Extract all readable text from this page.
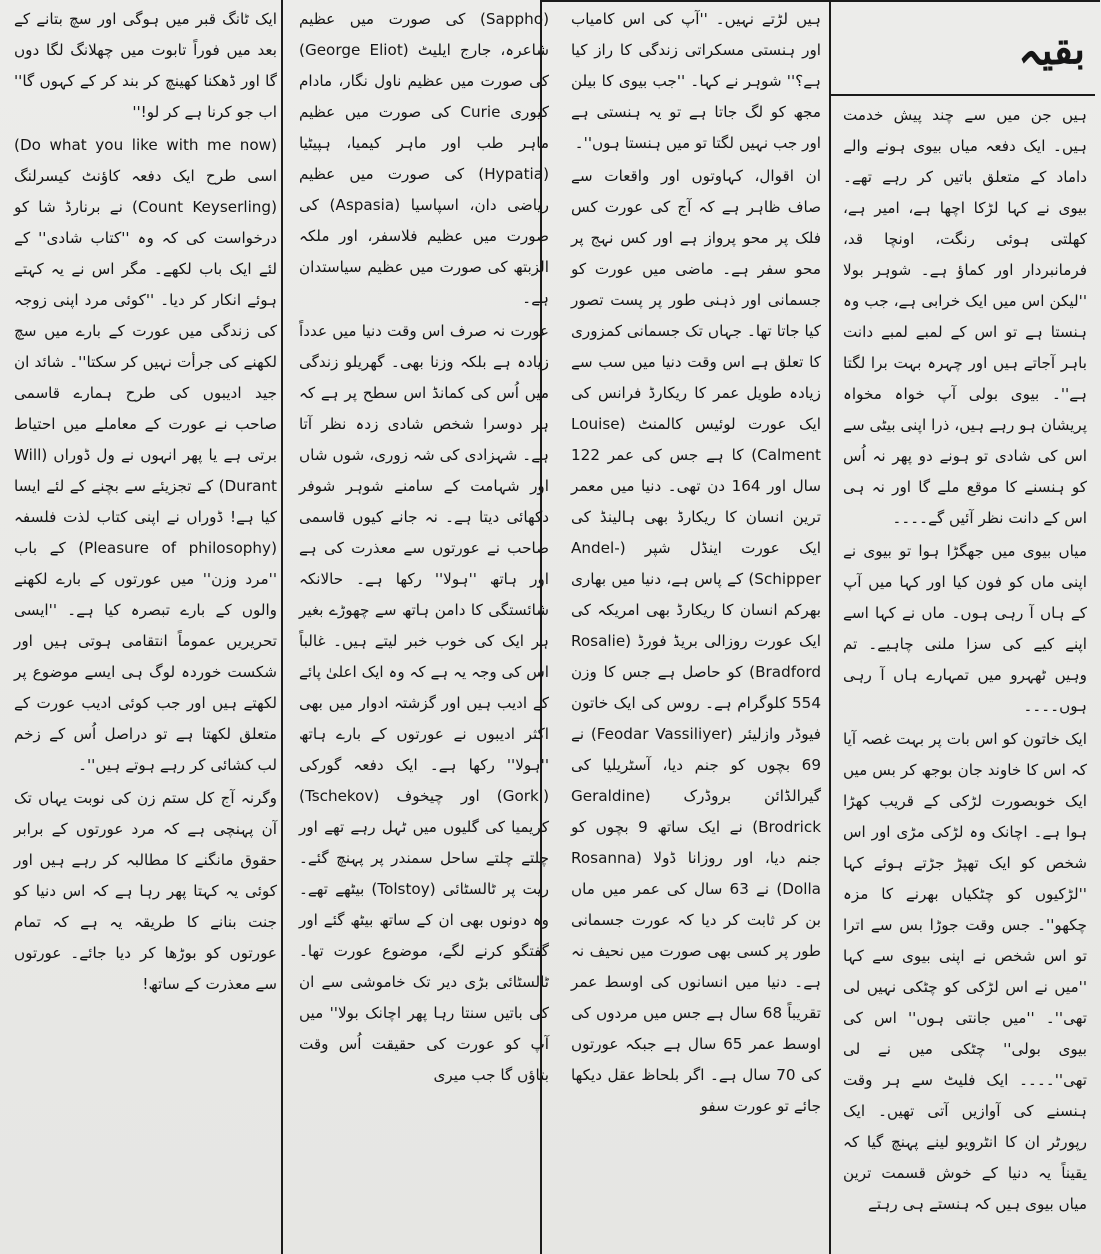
بقیہ

ہیں جن میں سے چند پیش خدمت ہیں۔ ایک دفعہ میاں بیوی ہونے والے داماد کے متعلق باتیں کر رہے تھے۔ بیوی نے کہا لڑکا اچھا ہے، امیر ہے، کھلتی ہوئی رنگت، اونچا قد، فرمانبردار اور کماؤ ہے۔ شوہر بولا ''لیکن اس میں ایک خرابی ہے، جب وہ ہنستا ہے تو اس کے لمبے لمبے دانت باہر آجاتے ہیں اور چہرہ بہت برا لگتا ہے''۔ بیوی بولی آپ خواہ مخواہ پریشان ہو رہے ہیں، ذرا اپنی بیٹی سے اس کی شادی تو ہونے دو پھر نہ اُس کو ہنسنے کا موقع ملے گا اور نہ ہی اس کے دانت نظر آئیں گے۔۔۔۔

میاں بیوی میں جھگڑا ہوا تو بیوی نے اپنی ماں کو فون کیا اور کہا میں آپ کے ہاں آ رہی ہوں۔ ماں نے کہا اسے اپنے کیے کی سزا ملنی چاہیے۔ تم وہیں ٹھہرو میں تمہارے ہاں آ رہی ہوں۔۔۔۔

ایک خاتون کو اس بات پر بہت غصہ آیا کہ اس کا خاوند جان بوجھ کر بس میں ایک خوبصورت لڑکی کے قریب کھڑا ہوا ہے۔ اچانک وہ لڑکی مڑی اور اس شخص کو ایک تھپڑ جڑتے ہوئے کہا ''لڑکیوں کو چٹکیاں بھرنے کا مزہ چکھو''۔ جس وقت جوڑا بس سے اترا تو اس شخص نے اپنی بیوی سے کہا ''میں نے اس لڑکی کو چٹکی نہیں لی تھی''۔ ''میں جانتی ہوں'' اس کی بیوی بولی'' چٹکی میں نے لی تھی''۔۔۔۔ ایک فلیٹ سے ہر وقت ہنسنے کی آوازیں آتی تھیں۔ ایک رپورٹر ان کا انٹرویو لینے پہنچ گیا کہ یقیناً یہ دنیا کے خوش قسمت ترین میاں بیوی ہیں کہ ہنستے ہی رہتے

ہیں لڑتے نہیں۔ ''آپ کی اس کامیاب اور ہنستی مسکراتی زندگی کا راز کیا ہے؟'' شوہر نے کہا۔ ''جب بیوی کا بیلن مجھ کو لگ جاتا ہے تو یہ ہنستی ہے اور جب نہیں لگتا تو میں ہنستا ہوں''۔

ان اقوال، کہاوتوں اور واقعات سے صاف ظاہر ہے کہ آج کی عورت کس فلک پر محو پرواز ہے اور کس نہج پر محو سفر ہے۔ ماضی میں عورت کو جسمانی اور ذہنی طور پر پست تصور کیا جاتا تھا۔ جہاں تک جسمانی کمزوری کا تعلق ہے اس وقت دنیا میں سب سے زیادہ طویل عمر کا ریکارڈ فرانس کی ایک عورت لوئیس کالمنٹ (Louise Calment) کا ہے جس کی عمر 122 سال اور 164 دن تھی۔ دنیا میں معمر ترین انسان کا ریکارڈ بھی ہالینڈ کی ایک عورت اینڈل شپر (Andel-Schipper) کے پاس ہے، دنیا میں بھاری بھرکم انسان کا ریکارڈ بھی امریکہ کی ایک عورت روزالی بریڈ فورڈ (Rosalie Bradford) کو حاصل ہے جس کا وزن 554 کلوگرام ہے۔ روس کی ایک خاتون فیوڈر وازلیئر (Feodar Vassiliyer) نے 69 بچوں کو جنم دیا، آسٹریلیا کی گیرالڈائن بروڈرک (Geraldine Brodrick) نے ایک ساتھ 9 بچوں کو جنم دیا، اور روزانا ڈولا (Rosanna Dolla) نے 63 سال کی عمر میں ماں بن کر ثابت کر دیا کہ عورت جسمانی طور پر کسی بھی صورت میں نحیف نہ ہے۔ دنیا میں انسانوں کی اوسط عمر تقریباً 68 سال ہے جس میں مردوں کی اوسط عمر 65 سال ہے جبکہ عورتوں کی 70 سال ہے۔ اگر بلحاظ عقل دیکھا جائے تو عورت سفو

(Sappho) کی صورت میں عظیم شاعرہ، جارج ایلیٹ (George Eliot) کی صورت میں عظیم ناول نگار، مادام کیوری Curie کی صورت میں عظیم ماہر طب اور ماہر کیمیا، ہپیٹیا (Hypatia) کی صورت میں عظیم ریاضی دان، اسپاسیا (Aspasia) کی صورت میں عظیم فلاسفر، اور ملکہ الزبتھ کی صورت میں عظیم سیاستدان ہے۔

عورت نہ صرف اس وقت دنیا میں عدداً زیادہ ہے بلکہ وزنا بھی۔ گھریلو زندگی میں اُس کی کمانڈ اس سطح پر ہے کہ ہر دوسرا شخص شادی زدہ نظر آتا ہے۔ شہزادی کی شہ زوری، شوں شاں اور شہامت کے سامنے شوہر شوفر دکھائی دیتا ہے۔ نہ جانے کیوں قاسمی صاحب نے عورتوں سے معذرت کی ہے اور ہاتھ ''ہولا'' رکھا ہے۔ حالانکہ شائستگی کا دامن ہاتھ سے چھوڑے بغیر ہر ایک کی خوب خبر لیتے ہیں۔ غالباً اس کی وجہ یہ ہے کہ وہ ایک اعلیٰ پائے کے ادیب ہیں اور گزشتہ ادوار میں بھی اکثر ادیبوں نے عورتوں کے بارے ہاتھ ''ہولا'' رکھا ہے۔ ایک دفعہ گورکی (Gorki) اور چیخوف (Tschekov) کریمیا کی گلیوں میں ٹہل رہے تھے اور چلتے چلتے ساحل سمندر پر پہنچ گئے۔ ریت پر ٹالسٹائی (Tolstoy) بیٹھے تھے۔ وہ دونوں بھی ان کے ساتھ بیٹھ گئے اور گفتگو کرنے لگے، موضوع عورت تھا۔ ٹالسٹائی بڑی دیر تک خاموشی سے ان کی باتیں سنتا رہا پھر اچانک بولا'' میں آپ کو عورت کی حقیقت اُس وقت بتاؤں گا جب میری

ایک ٹانگ قبر میں ہوگی اور سچ بتانے کے بعد میں فوراً تابوت میں چھلانگ لگا دوں گا اور ڈھکنا کھینچ کر بند کر کے کہوں گا'' اب جو کرنا ہے کر لو!''

(Do what you like with me now) اسی طرح ایک دفعہ کاؤنٹ کیسرلنگ (Count Keyserling) نے برنارڈ شا کو درخواست کی کہ وہ ''کتاب شادی'' کے لئے ایک باب لکھے۔ مگر اس نے یہ کہتے ہوئے انکار کر دیا۔ ''کوئی مرد اپنی زوجہ کی زندگی میں عورت کے بارے میں سچ لکھنے کی جرأت نہیں کر سکتا''۔ شائد ان جید ادیبوں کی طرح ہمارے قاسمی صاحب نے عورت کے معاملے میں احتیاط برتی ہے یا پھر انہوں نے ول ڈوراں (Will Durant) کے تجزیئے سے بچنے کے لئے ایسا کیا ہے! ڈوراں نے اپنی کتاب لذت فلسفہ (Pleasure of philosophy) کے باب ''مرد وزن'' میں عورتوں کے بارے لکھنے والوں کے بارے تبصرہ کیا ہے۔ ''ایسی تحریریں عموماً انتقامی ہوتی ہیں اور شکست خوردہ لوگ ہی ایسے موضوع پر لکھتے ہیں اور جب کوئی ادیب عورت کے متعلق لکھتا ہے تو دراصل اُس کے زخم لب کشائی کر رہے ہوتے ہیں''۔

وگرنہ آج کل ستم زن کی نوبت یہاں تک آن پہنچی ہے کہ مرد عورتوں کے برابر حقوق مانگنے کا مطالبہ کر رہے ہیں اور کوئی یہ کہتا پھر رہا ہے کہ اس دنیا کو جنت بنانے کا طریقہ یہ ہے کہ تمام عورتوں کو بوڑھا کر دیا جائے۔ عورتوں سے معذرت کے ساتھ!
